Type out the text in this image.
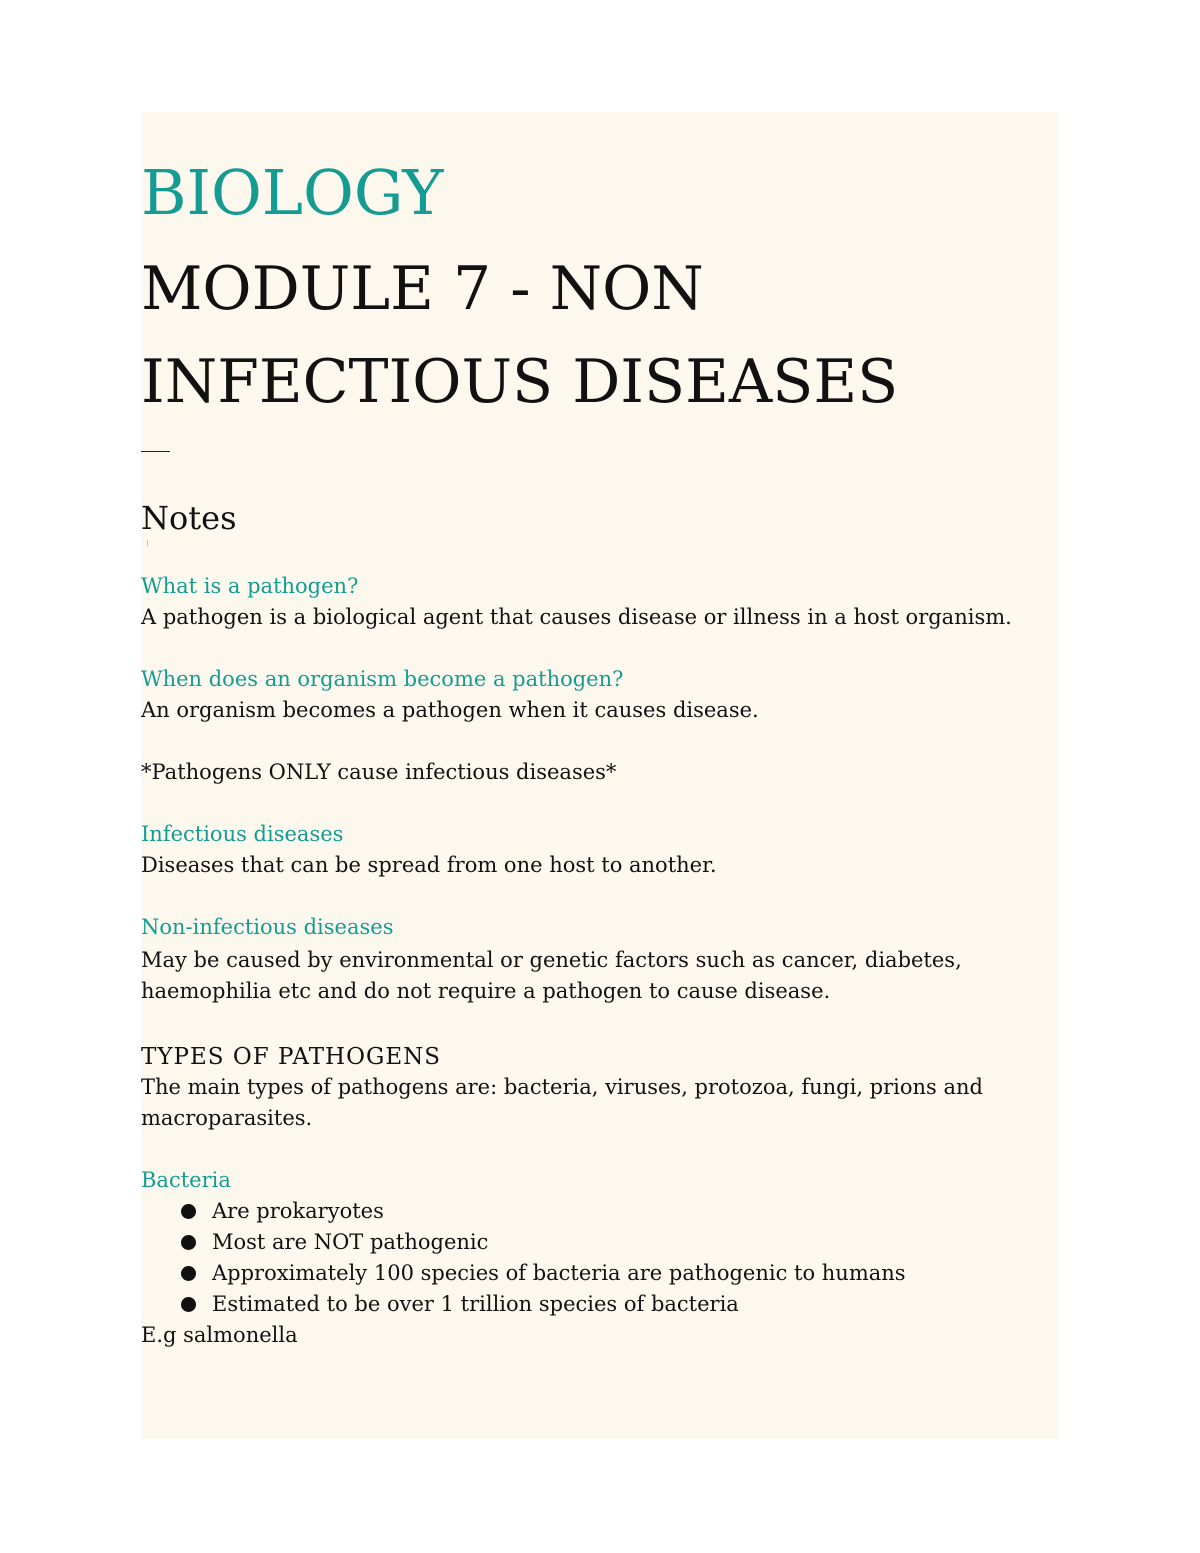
BIOLOGY
MODULE 7 - NON
INFECTIOUS DISEASES
Notes
What is a pathogen?
A pathogen is a biological agent that causes disease or illness in a host organism.
When does an organism become a pathogen?
An organism becomes a pathogen when it causes disease.
*Pathogens ONLY cause infectious diseases*
Infectious diseases
Diseases that can be spread from one host to another.
Non-infectious diseases
May be caused by environmental or genetic factors such as cancer, diabetes,
haemophilia etc and do not require a pathogen to cause disease.
TYPES OF PATHOGENS
The main types of pathogens are: bacteria, viruses, protozoa, fungi, prions and
macroparasites.
Bacteria
Are prokaryotes
Most are NOT pathogenic
Approximately 100 species of bacteria are pathogenic to humans
Estimated to be over 1 trillion species of bacteria
E.g salmonella
